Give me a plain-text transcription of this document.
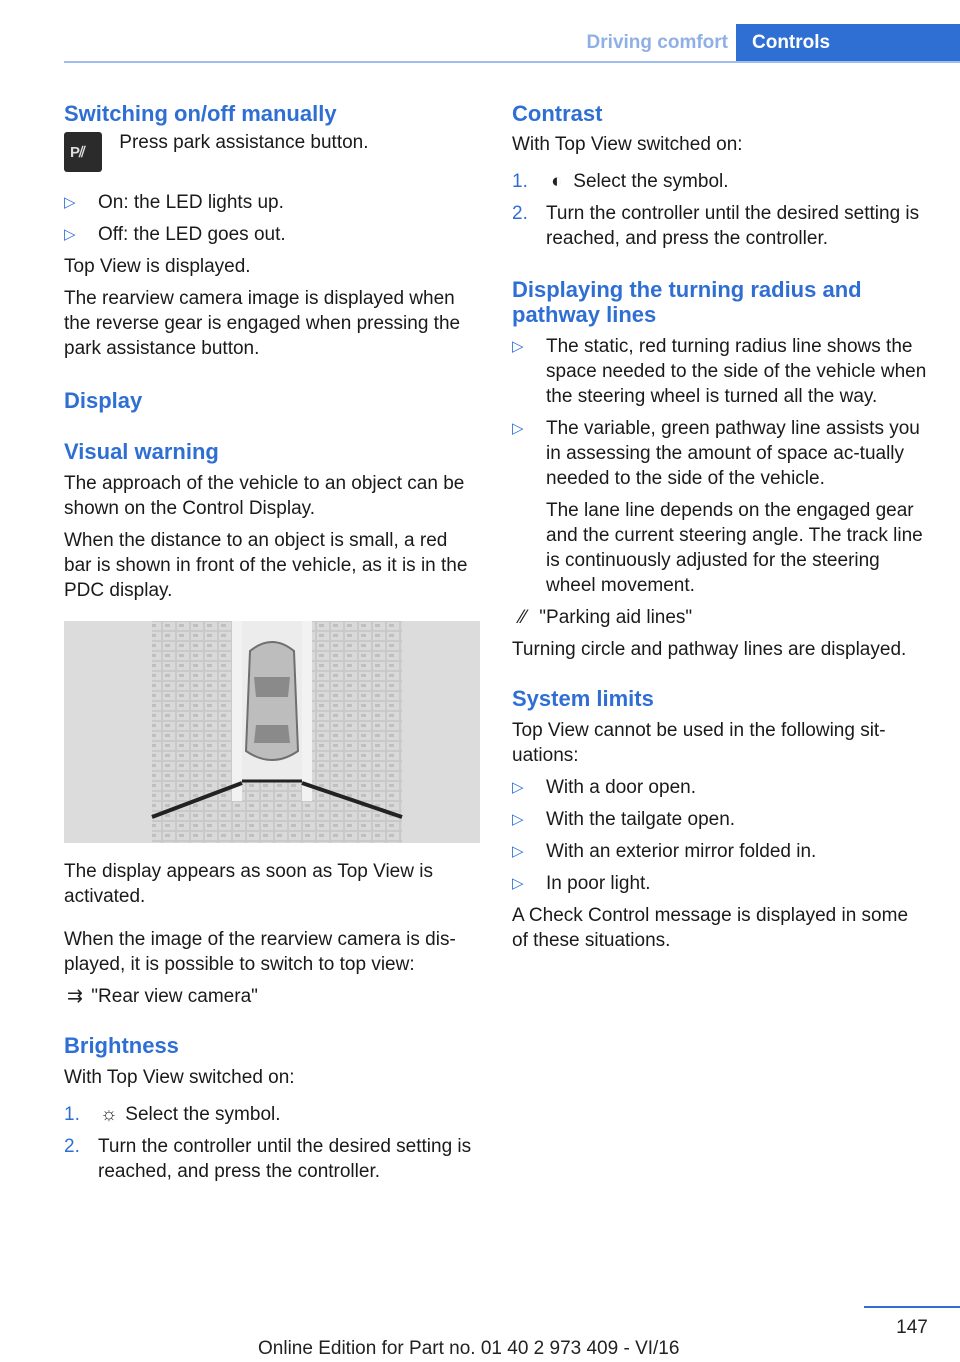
Driving comfort	Controls
Switching on/off manually
P⫽ Press park assistance button.
▷ On: the LED lights up.
▷ Off: the LED goes out.

Top View is displayed.

The rearview camera image is displayed when the reverse gear is engaged when pressing the park assistance button.

Display
Visual warning

The approach of the vehicle to an object can be shown on the Control Display.

When the distance to an object is small, a red bar is shown in front of the vehicle, as it is in the PDC display.

The display appears as soon as Top View is activated.

When the image of the rearview camera is dis-played, it is possible to switch to top view:

⇉ "Rear view camera"

Brightness

With Top View switched on:

1. ☼ Select the symbol.
2. Turn the controller until the desired setting is reached, and press the controller.
Contrast

With Top View switched on:

1. ◐ Select the symbol.
2. Turn the controller until the desired setting is reached, and press the controller.
Displaying the turning radius and pathway lines
▷ The static, red turning radius line shows the space needed to the side of the vehicle when the steering wheel is turned all the way.
▷ The variable, green pathway line assists you in assessing the amount of space ac-tually needed to the side of the vehicle.

The lane line depends on the engaged gear and the current steering angle. The track line is continuously adjusted for the steering wheel movement.

⁄⁄ "Parking aid lines"

Turning circle and pathway lines are displayed.

System limits

Top View cannot be used in the following sit-uations:

▷ With a door open.
▷ With the tailgate open.
▷ With an exterior mirror folded in.
▷ In poor light.

A Check Control message is displayed in some of these situations.

147
Online Edition for Part no. 01 40 2 973 409 - VI/16
